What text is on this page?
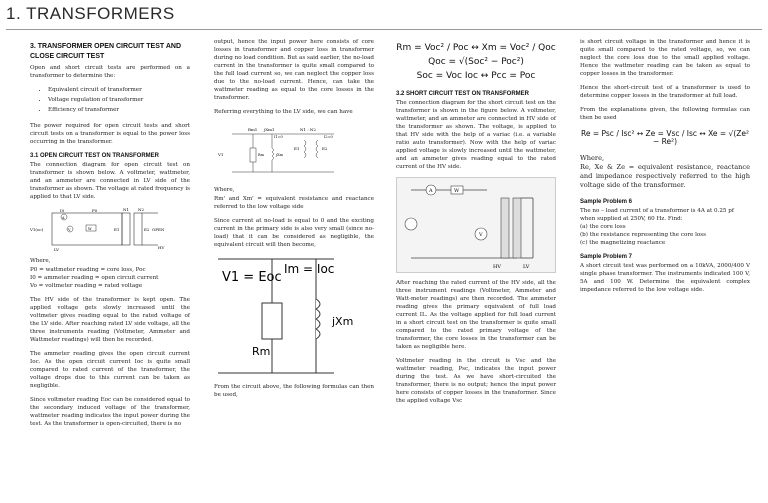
1. TRANSFORMERS
3. TRANSFORMER OPEN CIRCUIT TEST AND CLOSE CIRCUIT TEST

Open and short circuit tests are performed on a transformer to determine the:

• Equivalent circuit of transformer
• Voltage regulation of transformer
• Efficiency of transformer

The power required for open circuit tests and short circuit tests on a transformer is equal to the power loss occurring in the transformer.

3.1 OPEN CIRCUIT TEST ON TRANSFORMER

The connection diagram for open circuit test on transformer is shown below. A voltmeter, wattmeter, and an ammeter are connected in LV side of the transformer as shown. The voltage at rated frequency is applied to that LV side.

I0	P0	N1 N2
V1(oc)	V
A
W	E1	E2 OPEN
LV	HV

Where,

P0 = wattmeter reading = core loss, Poc
I0 = ammeter reading = open circuit current
Vo = voltmeter reading = rated voltage

The HV side of the transformer is kept open. The applied voltage gets slowly increased until the voltmeter gives reading equal to the rated voltage of the LV side. After reaching rated LV side voltage, all the three instruments reading (Voltmeter, Ammeter and Wattmeter readings) will then be recorded.

The ammeter reading gives the open circuit current Ioc. As the open circuit current Ioc is quite small compared to rated current of the transformer, the voltage drops due to this current can be taken as negligible.

Since voltmeter reading Eoc can be considered equal to the secondary induced voltage of the transformer, wattmeter reading indicates the input power during the test. As the transformer is open-circuited, there is no

output, hence the input power here consists of core losses in transformer and copper loss in transformer during no load condition. But as said earlier, the no-load current in the transformer is quite small compared to the full load current so, we can neglect the copper loss due to the no-load current. Hence, can take the wattmeter reading as equal to the core losses in the transformer.

Referring everything to the LV side, we can have

Rm1 jXm1	N1 : N2
I1=0	I2=0
V1	Rm	jXm
E1	E2

Where,

Rm' and Xm' = equivalent resistance and reactance referred to the low voltage side

Since current at no-load is equal to 0 and the exciting current in the primary side is also very small (since no-load) that it can be considered as negligible, the equivalent circuit will then become,

V1 = Eoc
Im = Ioc
Rm
jXm

From the circuit above, the following formulas can then be used,

Rm = Voc² / Poc ↔ Xm = Voc² / Qoc
Qoc = √(Soc² − Poc²)
Soc = Voc Ioc ↔ Pcc = Poc
3.2 SHORT CIRCUIT TEST ON TRANSFORMER

The connection diagram for the short circuit test on the transformer is shown in the figure below. A voltmeter, wattmeter, and an ammeter are connected in HV side of the transformer as shown. The voltage, is applied to that HV side with the help of a variac (i.e. a variable ratio auto transformer). Now with the help of variac applied voltage is slowly increased until the wattmeter, and an ammeter gives reading equal to the rated current of the HV side.

A	W
V
HV	LV

After reaching the rated current of the HV side, all the three instrument readings (Voltmeter, Ammeter and Watt-meter readings) are then recorded. The ammeter reading gives the primary equivalent of full load current IL. As the voltage applied for full load current in a short circuit test on the transformer is quite small compared to the rated primary voltage of the transformer, the core losses in the transformer can be taken as negligible here.

Voltmeter reading in the circuit is Vsc and the wattmeter reading, Psc, indicates the input power during the test. As we have short-circuited the transformer, there is no output; hence the input power here consists of copper losses in the transformer. Since the applied voltage Vsc

is short circuit voltage in the transformer and hence it is quite small compared to the rated voltage, so, we can neglect the core loss due to the small applied voltage. Hence the wattmeter reading can be taken as equal to copper losses in the transformer.

Hence the short-circuit test of a transformer is used to determine copper losses in the transformer at full load.

From the explanations given, the following formulas can then be used

Re = Psc / Isc² ↔ Ze = Vsc / Isc ↔ Xe = √(Ze² − Re²)

Where,

Re, Xe & Ze = equivalent resistance, reactance and impedance respectively referred to the high voltage side of the transformer.

Sample Problem 6
The no – load current of a transformer is 4A at 0.25 pf when supplied at 250V, 60 Hz. Find:
(a) the core loss
(b) the resistance representing the core loss
(c) the magnetizing reactance
Sample Problem 7

A short circuit test was performed on a 10kVA, 2000/400 V single phase transformer. The instruments indicated 100 V, 5A and 100 W. Determine the equivalent complex impedance referred to the low voltage side.
